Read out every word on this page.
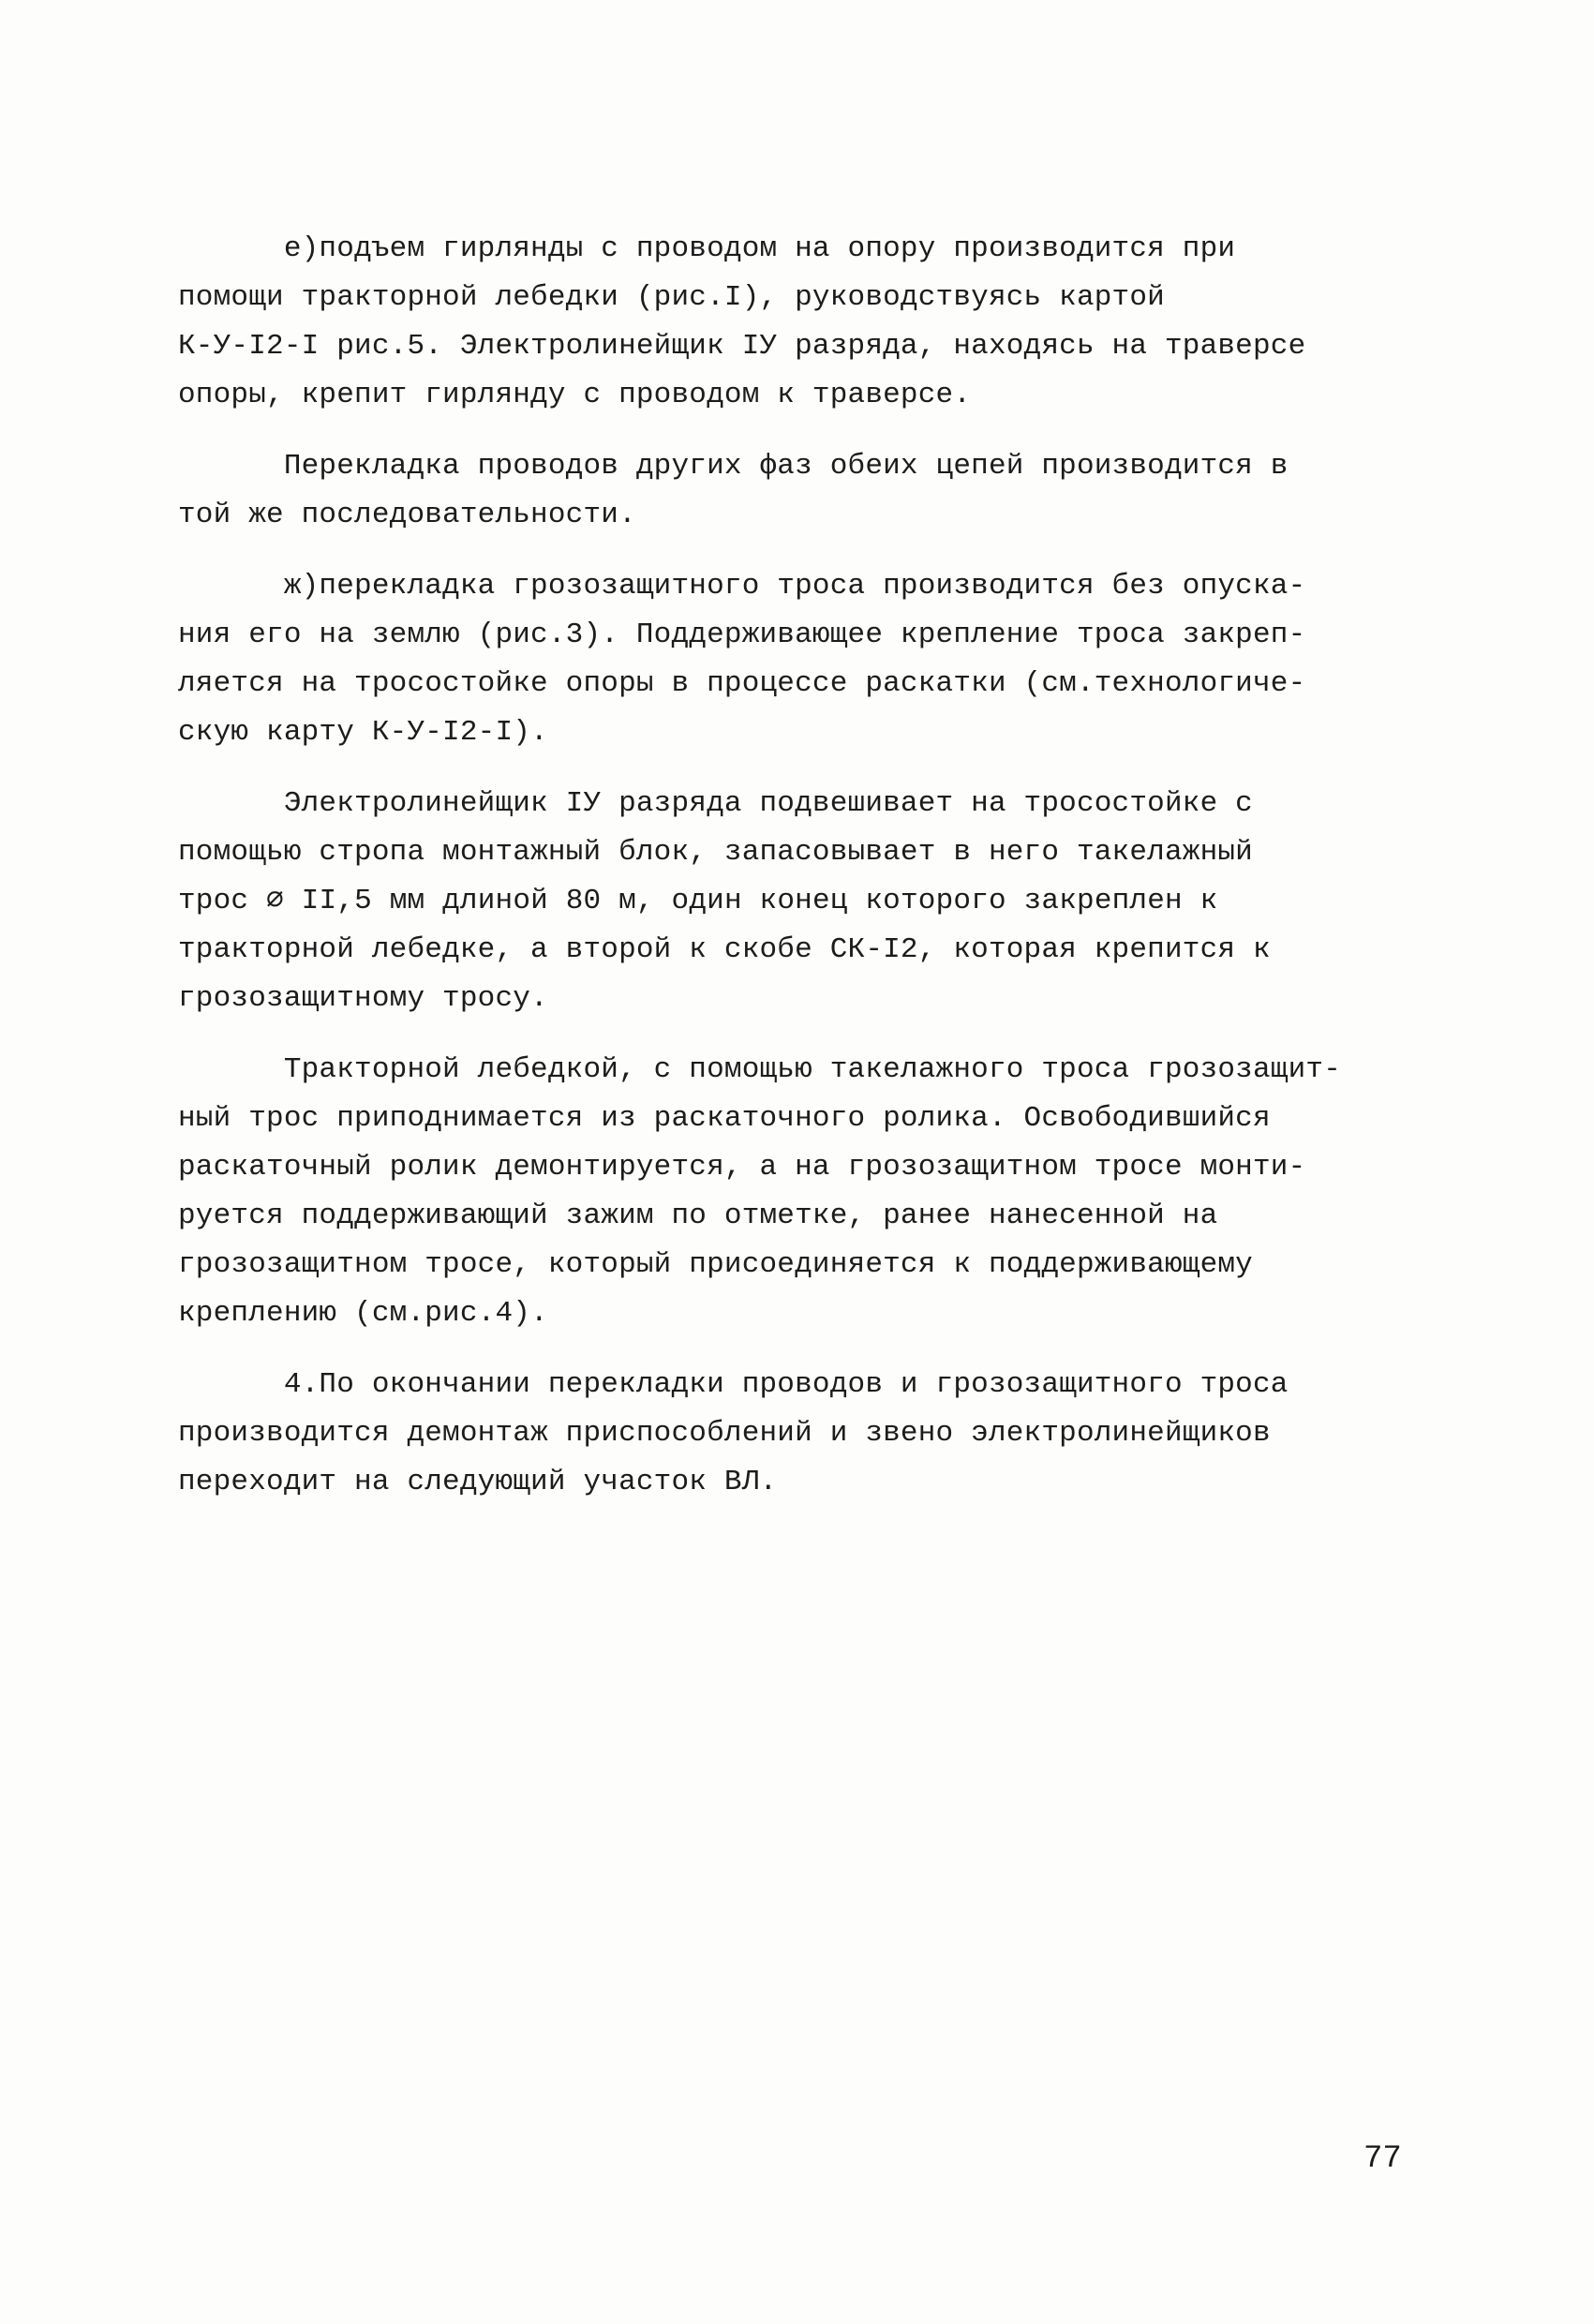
е)подъем гирлянды с проводом на опору производится при
помощи тракторной лебедки (рис.I), руководствуясь картой
К-У-I2-I рис.5. Электролинейщик IУ разряда, находясь на траверсе
опоры, крепит гирлянду с проводом к траверсе.

Перекладка проводов других фаз обеих цепей производится в
той же последовательности.

ж)перекладка грозозащитного троса производится без опуска-
ния его на землю (рис.3). Поддерживающее крепление троса закреп-
ляется на тросостойке опоры в процессе раскатки (см.технологиче-
скую карту К-У-I2-I).

Электролинейщик IУ разряда подвешивает на тросостойке с
помощью стропа монтажный блок, запасовывает в него такелажный
трос ∅ II,5 мм длиной 80 м, один конец которого закреплен к
тракторной лебедке, а второй к скобе СК-I2, которая крепится к
грозозащитному тросу.

Тракторной лебедкой, с помощью такелажного троса грозозащит-
ный трос приподнимается из раскаточного ролика. Освободившийся
раскаточный ролик демонтируется, а на грозозащитном тросе монти-
руется поддерживающий зажим по отметке, ранее нанесенной на
грозозащитном тросе, который присоединяется к поддерживающему
креплению (см.рис.4).

4.По окончании перекладки проводов и грозозащитного троса
производится демонтаж приспособлений и звено электролинейщиков
переходит на следующий участок ВЛ.

77
